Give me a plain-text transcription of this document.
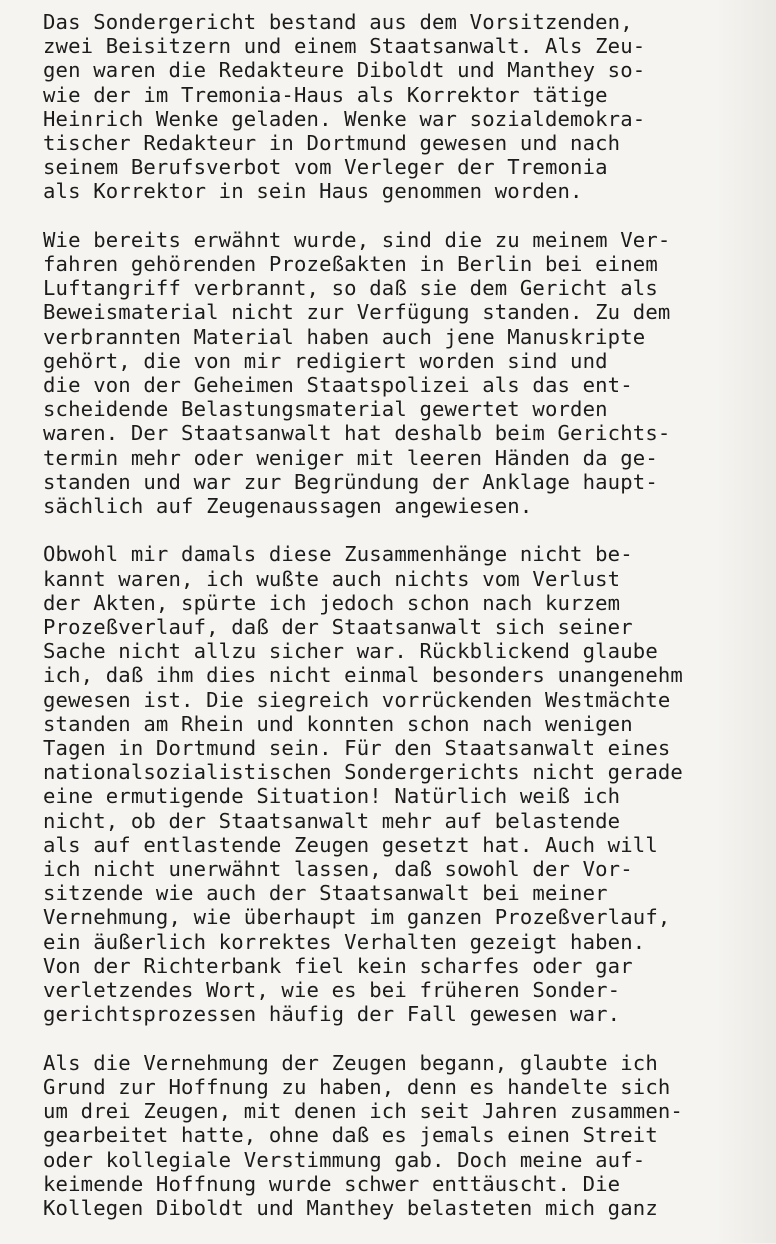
Das Sondergericht bestand aus dem Vorsitzenden,
zwei Beisitzern und einem Staatsanwalt. Als Zeu-
gen waren die Redakteure Diboldt und Manthey so-
wie der im Tremonia-Haus als Korrektor tätige
Heinrich Wenke geladen. Wenke war sozialdemokra-
tischer Redakteur in Dortmund gewesen und nach
seinem Berufsverbot vom Verleger der Tremonia
als Korrektor in sein Haus genommen worden.
Wie bereits erwähnt wurde, sind die zu meinem Ver-
fahren gehörenden Prozeßakten in Berlin bei einem
Luftangriff verbrannt, so daß sie dem Gericht als
Beweismaterial nicht zur Verfügung standen. Zu dem
verbrannten Material haben auch jene Manuskripte
gehört, die von mir redigiert worden sind und
die von der Geheimen Staatspolizei als das ent-
scheidende Belastungsmaterial gewertet worden
waren. Der Staatsanwalt hat deshalb beim Gerichts-
termin mehr oder weniger mit leeren Händen da ge-
standen und war zur Begründung der Anklage haupt-
sächlich auf Zeugenaussagen angewiesen.
Obwohl mir damals diese Zusammenhänge nicht be-
kannt waren, ich wußte auch nichts vom Verlust
der Akten, spürte ich jedoch schon nach kurzem
Prozeßverlauf, daß der Staatsanwalt sich seiner
Sache nicht allzu sicher war. Rückblickend glaube
ich, daß ihm dies nicht einmal besonders unangenehm
gewesen ist. Die siegreich vorrückenden Westmächte
standen am Rhein und konnten schon nach wenigen
Tagen in Dortmund sein. Für den Staatsanwalt eines
nationalsozialistischen Sondergerichts nicht gerade
eine ermutigende Situation! Natürlich weiß ich
nicht, ob der Staatsanwalt mehr auf belastende
als auf entlastende Zeugen gesetzt hat. Auch will
ich nicht unerwähnt lassen, daß sowohl der Vor-
sitzende wie auch der Staatsanwalt bei meiner
Vernehmung, wie überhaupt im ganzen Prozeßverlauf,
ein äußerlich korrektes Verhalten gezeigt haben.
Von der Richterbank fiel kein scharfes oder gar
verletzendes Wort, wie es bei früheren Sonder-
gerichtsprozessen häufig der Fall gewesen war.
Als die Vernehmung der Zeugen begann, glaubte ich
Grund zur Hoffnung zu haben, denn es handelte sich
um drei Zeugen, mit denen ich seit Jahren zusammen-
gearbeitet hatte, ohne daß es jemals einen Streit
oder kollegiale Verstimmung gab. Doch meine auf-
keimende Hoffnung wurde schwer enttäuscht. Die
Kollegen Diboldt und Manthey belasteten mich ganz
